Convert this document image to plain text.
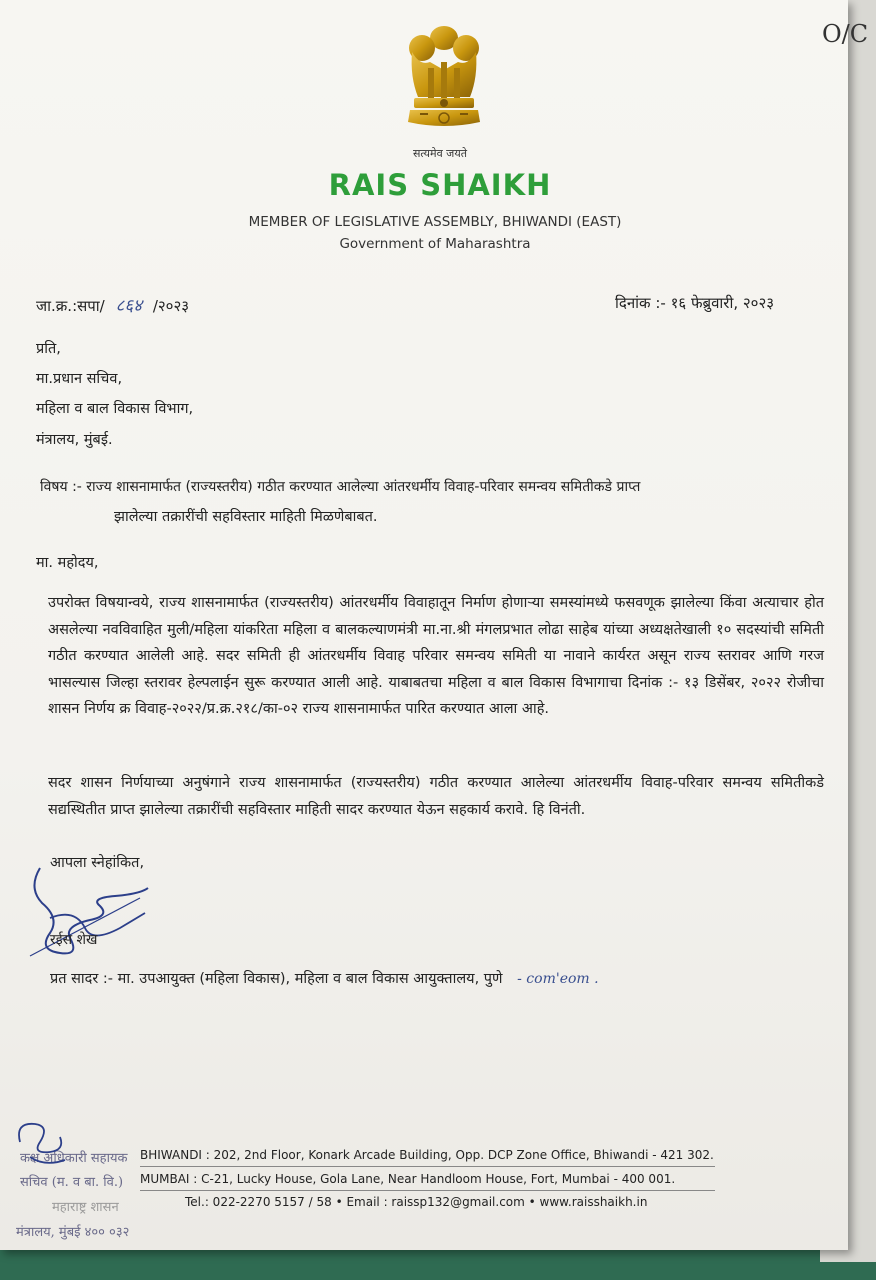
O/C
सत्यमेव जयते
RAIS SHAIKH
MEMBER OF LEGISLATIVE ASSEMBLY, BHIWANDI (EAST)
Government of Maharashtra
जा.क्र.:सपा/ ८६४ /२०२३	दिनांक :- १६ फेब्रुवारी, २०२३
प्रति,
मा.प्रधान सचिव,
महिला व बाल विकास विभाग,
मंत्रालय, मुंबई.
विषय :- राज्य शासनामार्फत (राज्यस्तरीय) गठीत करण्यात आलेल्या आंतरधर्मीय विवाह-परिवार समन्वय समितीकडे प्राप्त
झालेल्या तक्रारींची सहविस्तार माहिती मिळणेबाबत.
मा. महोदय,
उपरोक्त विषयान्वये, राज्य शासनामार्फत (राज्यस्तरीय) आंतरधर्मीय विवाहातून निर्माण होणाऱ्या समस्यांमध्ये फसवणूक झालेल्या किंवा अत्याचार होत असलेल्या नवविवाहित मुली/महिला यांकरिता महिला व बालकल्याणमंत्री मा.ना.श्री मंगलप्रभात लोढा साहेब यांच्या अध्यक्षतेखाली १० सदस्यांची समिती गठीत करण्यात आलेली आहे. सदर समिती ही आंतरधर्मीय विवाह परिवार समन्वय समिती या नावाने कार्यरत असून राज्य स्तरावर आणि गरज भासल्यास जिल्हा स्तरावर हेल्पलाईन सुरू करण्यात आली आहे. याबाबतचा महिला व बाल विकास विभागाचा दिनांक :- १३ डिसेंबर, २०२२ रोजीचा शासन निर्णय क्र विवाह-२०२२/प्र.क्र.२१८/का-०२ राज्य शासनामार्फत पारित करण्यात आला आहे.
सदर शासन निर्णयाच्या अनुषंगाने राज्य शासनामार्फत (राज्यस्तरीय) गठीत करण्यात आलेल्या आंतरधर्मीय विवाह-परिवार समन्वय समितीकडे सद्यस्थितीत प्राप्त झालेल्या तक्रारींची सहविस्तार माहिती सादर करण्यात येऊन सहकार्य करावे. हि विनंती.
आपला स्नेहांकित,
रईस शेख
प्रत सादर :- मा. उपआयुक्त (महिला विकास), महिला व बाल विकास आयुक्तालय, पुणे - com'eom .
BHIWANDI : 202, 2nd Floor, Konark Arcade Building, Opp. DCP Zone Office, Bhiwandi - 421 302.
MUMBAI : C-21, Lucky House, Gola Lane, Near Handloom House, Fort, Mumbai - 400 001.
Tel.: 022-2270 5157 / 58 • Email : raissp132@gmail.com • www.raisshaikh.in
कक्ष अधिकारी सहायक
सचिव (म. व बा. वि.)
महाराष्ट्र शासन
मंत्रालय, मुंबई ४०० ०३२
